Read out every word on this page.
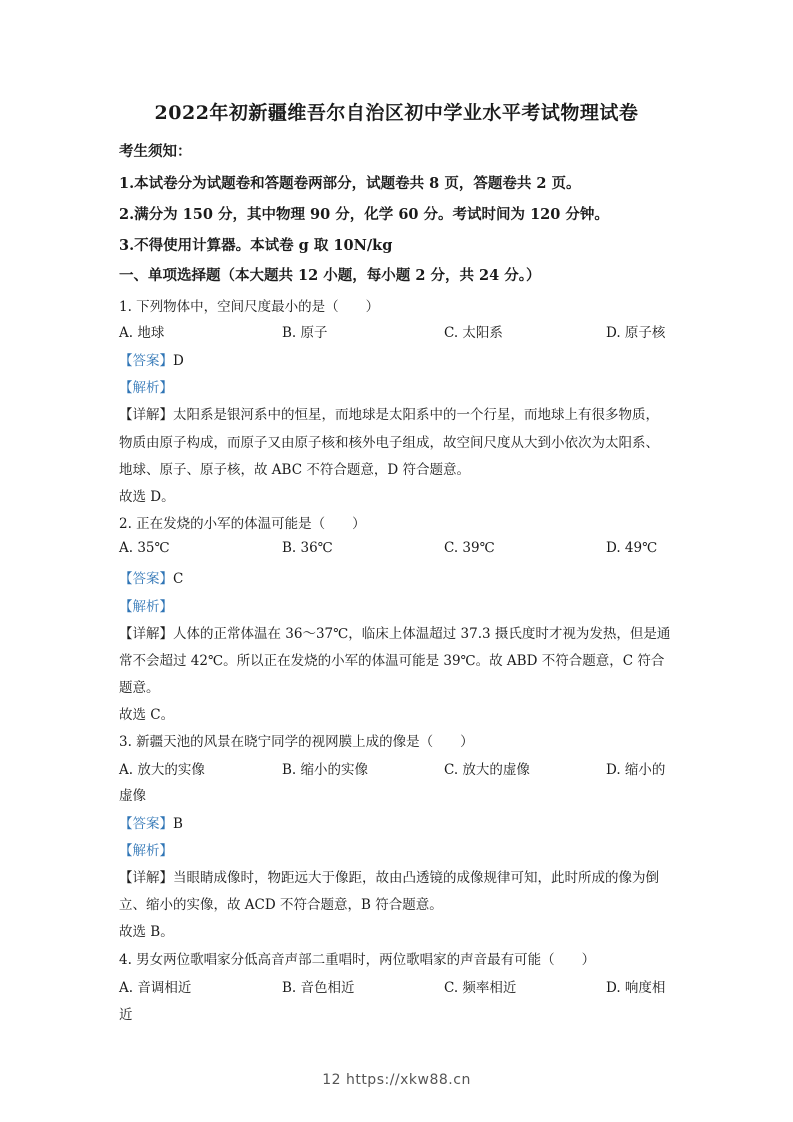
2022年初新疆维吾尔自治区初中学业水平考试物理试卷
考生须知：
1.本试卷分为试题卷和答题卷两部分，试题卷共 8 页，答题卷共 2 页。
2.满分为 150 分，其中物理 90 分，化学 60 分。考试时间为 120 分钟。
3.不得使用计算器。本试卷 g 取 10N/kg
一、单项选择题（本大题共 12 小题，每小题 2 分，共 24 分。）
1. 下列物体中，空间尺度最小的是（　　）
A. 地球	B. 原子	C. 太阳系	D. 原子核
【答案】D
【解析】
【详解】太阳系是银河系中的恒星，而地球是太阳系中的一个行星，而地球上有很多物质，
物质由原子构成，而原子又由原子核和核外电子组成，故空间尺度从大到小依次为太阳系、
地球、原子、原子核，故 ABC 不符合题意，D 符合题意。
故选 D。
2. 正在发烧的小军的体温可能是（　　）
A. 35℃	B. 36℃	C. 39℃	D. 49℃
【答案】C
【解析】
【详解】人体的正常体温在 36～37℃，临床上体温超过 37.3 摄氏度时才视为发热，但是通
常不会超过 42℃。所以正在发烧的小军的体温可能是 39℃。故 ABD 不符合题意，C 符合
题意。
故选 C。
3. 新疆天池的风景在晓宁同学的视网膜上成的像是（　　）
A. 放大的实像	B. 缩小的实像	C. 放大的虚像	D. 缩小的
虚像
【答案】B
【解析】
【详解】当眼睛成像时，物距远大于像距，故由凸透镜的成像规律可知，此时所成的像为倒
立、缩小的实像，故 ACD 不符合题意，B 符合题意。
故选 B。
4. 男女两位歌唱家分低高音声部二重唱时，两位歌唱家的声音最有可能（　　）
A. 音调相近	B. 音色相近	C. 频率相近	D. 响度相
近
12 https://xkw88.cn
